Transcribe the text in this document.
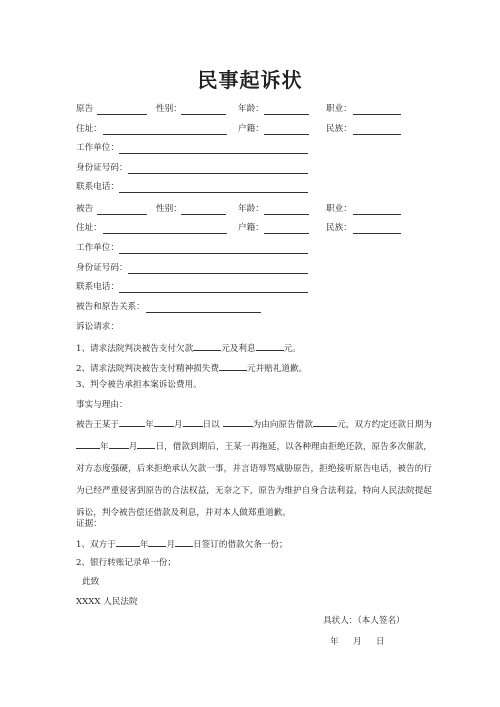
民事起诉状
原告	性别：	年龄：	职业：
住址：	户籍：	民族：
工作单位：
身份证号码：
联系电话：
被告	性别：	年龄：	职业：
住址：	户籍：	民族：
工作单位：
身份证号码：
联系电话：
被告和原告关系：
诉讼请求：
1、请求法院判决被告支付欠款	元及利息	元。
2、请求法院判决被告支付精神损失费	元并赔礼道歉。
3、判令被告承担本案诉讼费用。
事实与理由：

被告王某于	年 月 日以	为由向原告借款	元，双方约定还款日期为年 月 日，借款到期后，王某一再拖延，以各种理由拒绝还款，原告多次催款，对方态度强硬，后来拒绝承认欠款一事，并言语辱骂威胁原告，拒绝接听原告电话，被告的行为已经严重侵害到原告的合法权益，无奈之下，原告为维护自身合法利益，特向人民法院提起诉讼，判令被告偿还借款及利息，并对本人做郑重道歉。

证据：
1、双方于	年 月 日签订的借款欠条一份；
2、银行转账记录单一份；
此致
XXXX 人民法院
具状人：（本人签名）
年 月 日
